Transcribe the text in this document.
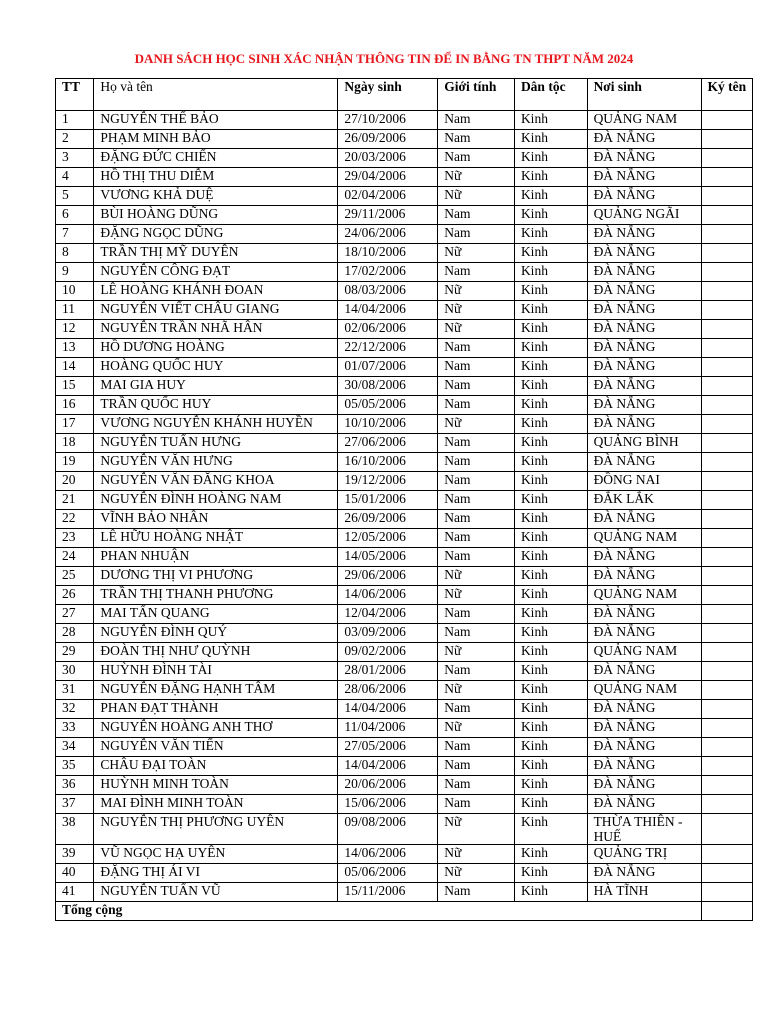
DANH SÁCH HỌC SINH XÁC NHẬN THÔNG TIN ĐỂ IN BẰNG TN THPT NĂM 2024
TT	Họ và tên	Ngày sinh	Giới tính	Dân tộc	Nơi sinh	Ký tên
1	NGUYỄN THẾ BẢO	27/10/2006	Nam	Kinh	QUẢNG NAM	
2	PHẠM MINH BẢO	26/09/2006	Nam	Kinh	ĐÀ NẴNG	
3	ĐẶNG ĐỨC CHIẾN	20/03/2006	Nam	Kinh	ĐÀ NẴNG	
4	HỒ THỊ THU DIỄM	29/04/2006	Nữ	Kinh	ĐÀ NẴNG	
5	VƯƠNG KHẢ DUỆ	02/04/2006	Nữ	Kinh	ĐÀ NẴNG	
6	BÙI HOÀNG DŨNG	29/11/2006	Nam	Kinh	QUẢNG NGÃI	
7	ĐẶNG NGỌC DŨNG	24/06/2006	Nam	Kinh	ĐÀ NẴNG	
8	TRẦN THỊ MỸ DUYÊN	18/10/2006	Nữ	Kinh	ĐÀ NẴNG	
9	NGUYỄN CÔNG ĐẠT	17/02/2006	Nam	Kinh	ĐÀ NẴNG	
10	LÊ HOÀNG KHÁNH ĐOAN	08/03/2006	Nữ	Kinh	ĐÀ NẴNG	
11	NGUYỄN VIẾT CHÂU GIANG	14/04/2006	Nữ	Kinh	ĐÀ NẴNG	
12	NGUYỄN TRẦN NHÃ HÂN	02/06/2006	Nữ	Kinh	ĐÀ NẴNG	
13	HỒ DƯƠNG HOÀNG	22/12/2006	Nam	Kinh	ĐÀ NẴNG	
14	HOÀNG QUỐC HUY	01/07/2006	Nam	Kinh	ĐÀ NẴNG	
15	MAI GIA HUY	30/08/2006	Nam	Kinh	ĐÀ NẴNG	
16	TRẦN QUỐC HUY	05/05/2006	Nam	Kinh	ĐÀ NẴNG	
17	VƯƠNG NGUYỄN KHÁNH HUYỀN	10/10/2006	Nữ	Kinh	ĐÀ NẴNG	
18	NGUYỄN TUẤN HƯNG	27/06/2006	Nam	Kinh	QUẢNG BÌNH	
19	NGUYỄN VĂN HƯNG	16/10/2006	Nam	Kinh	ĐÀ NẴNG	
20	NGUYỄN VĂN ĐĂNG KHOA	19/12/2006	Nam	Kinh	ĐỒNG NAI	
21	NGUYỄN ĐÌNH HOÀNG NAM	15/01/2006	Nam	Kinh	ĐẮK LẮK	
22	VĨNH BẢO NHÂN	26/09/2006	Nam	Kinh	ĐÀ NẴNG	
23	LÊ HỮU HOÀNG NHẬT	12/05/2006	Nam	Kinh	QUẢNG NAM	
24	PHAN NHUẬN	14/05/2006	Nam	Kinh	ĐÀ NẴNG	
25	DƯƠNG THỊ VI PHƯƠNG	29/06/2006	Nữ	Kinh	ĐÀ NẴNG	
26	TRẦN THỊ THANH PHƯƠNG	14/06/2006	Nữ	Kinh	QUẢNG NAM	
27	MAI TẤN QUANG	12/04/2006	Nam	Kinh	ĐÀ NẴNG	
28	NGUYỄN ĐÌNH QUÝ	03/09/2006	Nam	Kinh	ĐÀ NẴNG	
29	ĐOÀN THỊ NHƯ QUỲNH	09/02/2006	Nữ	Kinh	QUẢNG NAM	
30	HUỲNH ĐÌNH TÀI	28/01/2006	Nam	Kinh	ĐÀ NẴNG	
31	NGUYỄN ĐẶNG HẠNH TÂM	28/06/2006	Nữ	Kinh	QUẢNG NAM	
32	PHAN ĐẠT THÀNH	14/04/2006	Nam	Kinh	ĐÀ NẴNG	
33	NGUYỄN HOÀNG ANH THƠ	11/04/2006	Nữ	Kinh	ĐÀ NẴNG	
34	NGUYỄN VĂN TIẾN	27/05/2006	Nam	Kinh	ĐÀ NẴNG	
35	CHÂU ĐẠI TOÀN	14/04/2006	Nam	Kinh	ĐÀ NẴNG	
36	HUỲNH MINH TOÀN	20/06/2006	Nam	Kinh	ĐÀ NẴNG	
37	MAI ĐÌNH MINH TOÀN	15/06/2006	Nam	Kinh	ĐÀ NẴNG	
38	NGUYỄN THỊ PHƯƠNG UYÊN	09/08/2006	Nữ	Kinh	THỪA THIÊN - HUẾ	
39	VŨ NGỌC HẠ UYÊN	14/06/2006	Nữ	Kinh	QUẢNG TRỊ	
40	ĐẶNG THỊ ÁI VI	05/06/2006	Nữ	Kinh	ĐÀ NẴNG	
41	NGUYỄN TUẤN VŨ	15/11/2006	Nam	Kinh	HÀ TĨNH	
Tổng cộng						
